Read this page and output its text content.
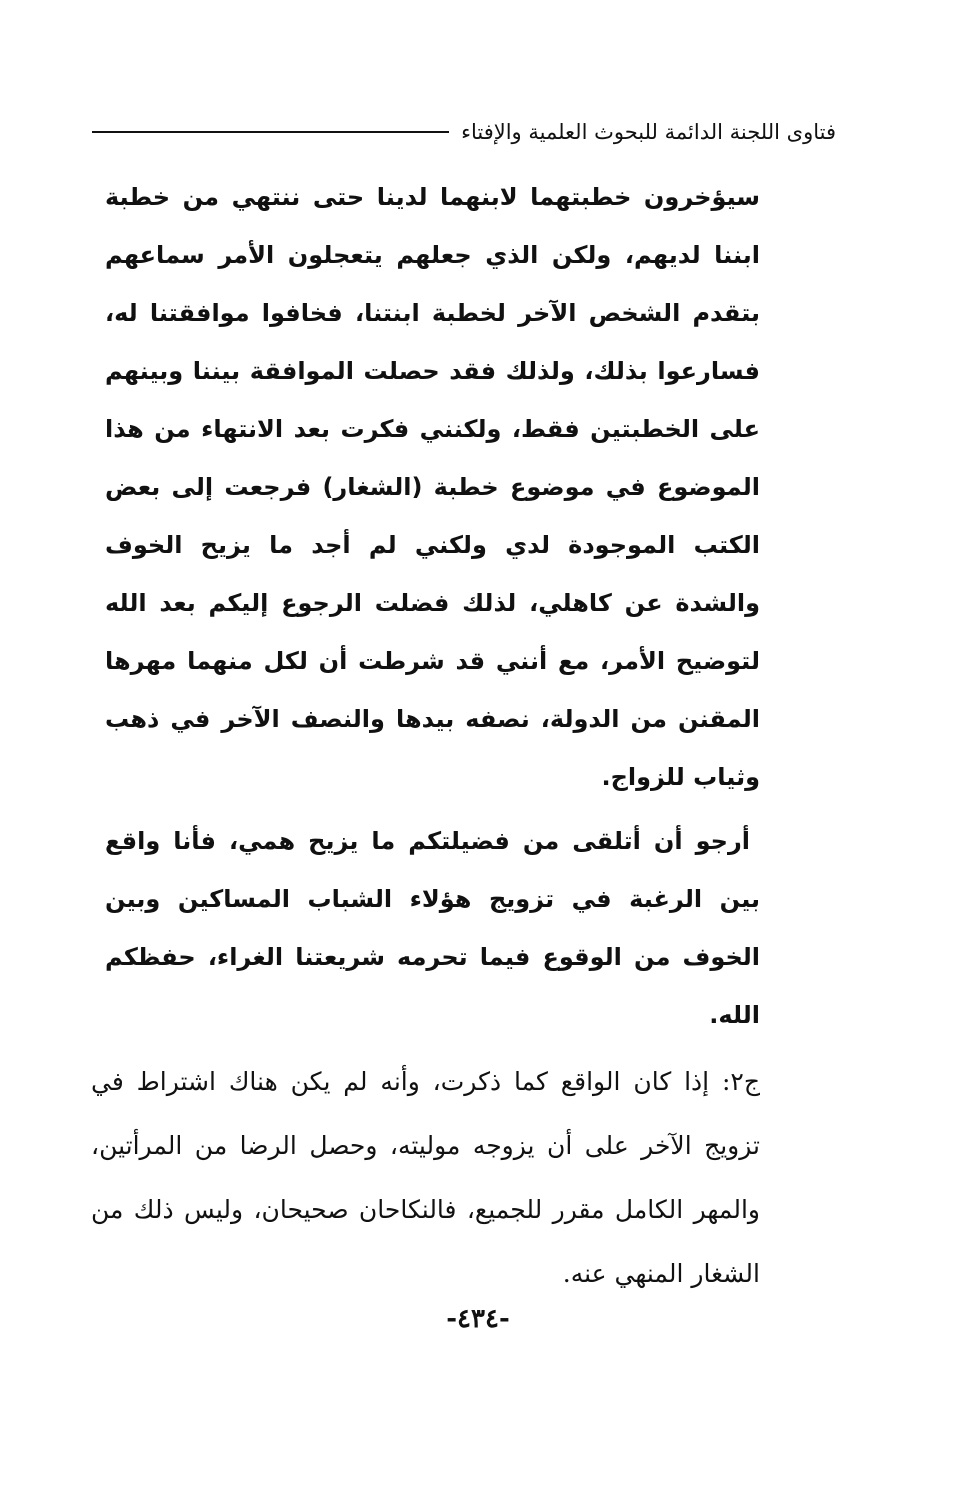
فتاوى اللجنة الدائمة للبحوث العلمية والإفتاء

سيؤخرون خطبتهما لابنهما لدينا حتى ننتهي من خطبة ابننا لديهم، ولكن الذي جعلهم يتعجلون الأمر سماعهم بتقدم الشخص الآخر لخطبة ابنتنا، فخافوا موافقتنا له، فسارعوا بذلك، ولذلك فقد حصلت الموافقة بيننا وبينهم على الخطبتين فقط، ولكنني فكرت بعد الانتهاء من هذا الموضوع في موضوع خطبة (الشغار) فرجعت إلى بعض الكتب الموجودة لدي ولكني لم أجد ما يزيح الخوف والشدة عن كاهلي، لذلك فضلت الرجوع إليكم بعد الله لتوضيح الأمر، مع أنني قد شرطت أن لكل منهما مهرها المقنن من الدولة، نصفه بيدها والنصف الآخر في ذهب وثياب للزواج.

أرجو أن أتلقى من فضيلتكم ما يزيح همي، فأنا واقع بين الرغبة في تزويج هؤلاء الشباب المساكين وبين الخوف من الوقوع فيما تحرمه شريعتنا الغراء، حفظكم الله.

ج٢: إذا كان الواقع كما ذكرت، وأنه لم يكن هناك اشتراط في تزويج الآخر على أن يزوجه موليته، وحصل الرضا من المرأتين، والمهر الكامل مقرر للجميع، فالنكاحان صحيحان، وليس ذلك من الشغار المنهي عنه.

-٤٣٤-
